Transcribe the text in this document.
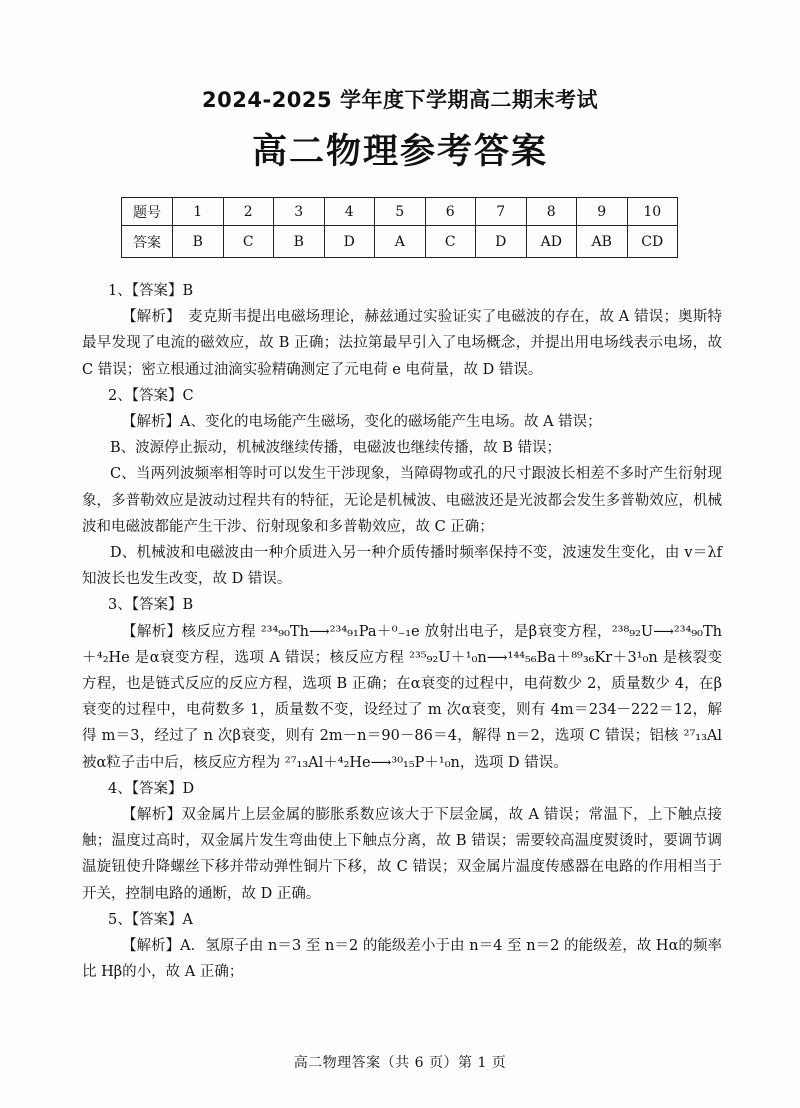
2024-2025 学年度下学期高二期末考试
高二物理参考答案
题号	1	2	3	4	5	6	7	8	9	10
答案	B	C	B	D	A	C	D	AD	AB	CD

1、【答案】B

【解析】　麦克斯韦提出电磁场理论，赫兹通过实验证实了电磁波的存在，故 A 错误；奥斯特最早发现了电流的磁效应，故 B 正确；法拉第最早引入了电场概念，并提出用电场线表示电场，故 C 错误；密立根通过油滴实验精确测定了元电荷 e 电荷量，故 D 错误。

2、【答案】C

【解析】A、变化的电场能产生磁场，变化的磁场能产生电场。故 A 错误；

B、波源停止振动，机械波继续传播，电磁波也继续传播，故 B 错误；

C、当两列波频率相等时可以发生干涉现象，当障碍物或孔的尺寸跟波长相差不多时产生衍射现象，多普勒效应是波动过程共有的特征，无论是机械波、电磁波还是光波都会发生多普勒效应，机械波和电磁波都能产生干涉、衍射现象和多普勒效应，故 C 正确；

D、机械波和电磁波由一种介质进入另一种介质传播时频率保持不变，波速发生变化，由 v＝λf 知波长也发生改变，故 D 错误。

3、【答案】B

【解析】核反应方程 ²³⁴₉₀Th⟶²³⁴₉₁Pa＋⁰₋₁e 放射出电子，是β衰变方程，²³⁸₉₂U⟶²³⁴₉₀Th＋⁴₂He 是α衰变方程，选项 A 错误；核反应方程 ²³⁵₉₂U＋¹₀n⟶¹⁴⁴₅₆Ba＋⁸⁹₃₆Kr＋3¹₀n 是核裂变方程，也是链式反应的反应方程，选项 B 正确；在α衰变的过程中，电荷数少 2，质量数少 4，在β衰变的过程中，电荷数多 1，质量数不变，设经过了 m 次α衰变，则有 4m＝234－222＝12，解得 m＝3，经过了 n 次β衰变，则有 2m－n＝90－86＝4，解得 n＝2，选项 C 错误；铝核 ²⁷₁₃Al 被α粒子击中后，核反应方程为 ²⁷₁₃Al＋⁴₂He⟶³⁰₁₅P＋¹₀n，选项 D 错误。

4、【答案】D

【解析】双金属片上层金属的膨胀系数应该大于下层金属，故 A 错误；常温下，上下触点接触；温度过高时，双金属片发生弯曲使上下触点分离，故 B 错误；需要较高温度熨烫时，要调节调温旋钮使升降螺丝下移并带动弹性铜片下移，故 C 错误；双金属片温度传感器在电路的作用相当于开关，控制电路的通断，故 D 正确。

5、【答案】A

【解析】A．氢原子由 n＝3 至 n＝2 的能级差小于由 n＝4 至 n＝2 的能级差，故 Hα的频率比 Hβ的小，故 A 正确；

高二物理答案（共 6 页）第 1 页
